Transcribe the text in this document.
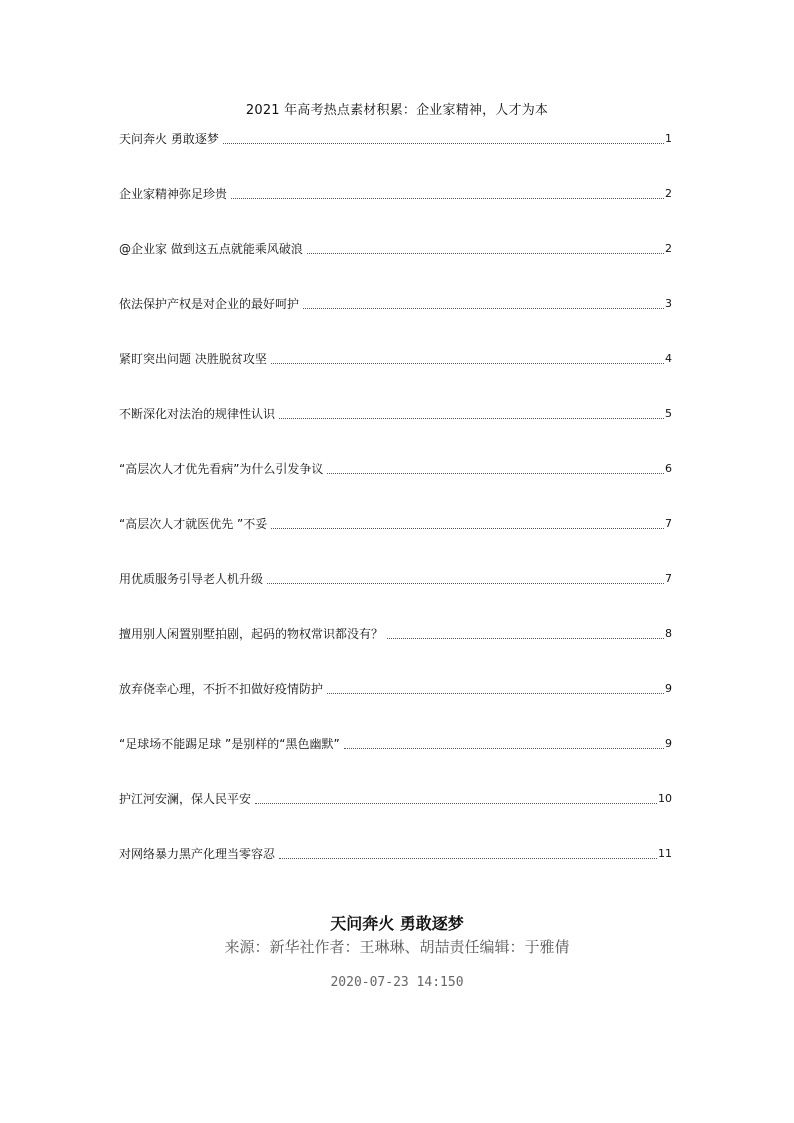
2021 年高考热点素材积累：企业家精神，人才为本
天问奔火 勇敢逐梦	1
企业家精神弥足珍贵	2
@企业家 做到这五点就能乘风破浪	2
依法保护产权是对企业的最好呵护	3
紧盯突出问题 决胜脱贫攻坚	4
不断深化对法治的规律性认识	5
“高层次人才优先看病”为什么引发争议	6
“高层次人才就医优先 ”不妥	7
用优质服务引导老人机升级	7
擅用别人闲置别墅拍剧，起码的物权常识都没有？	8
放弃侥幸心理，不折不扣做好疫情防护	9
“足球场不能踢足球 ”是别样的“黑色幽默”	9
护江河安澜，保人民平安	10
对网络暴力黑产化理当零容忍	11
天问奔火 勇敢逐梦
来源：新华社作者：王琳琳、胡喆责任编辑：于雅倩
2020-07-23 14:150
